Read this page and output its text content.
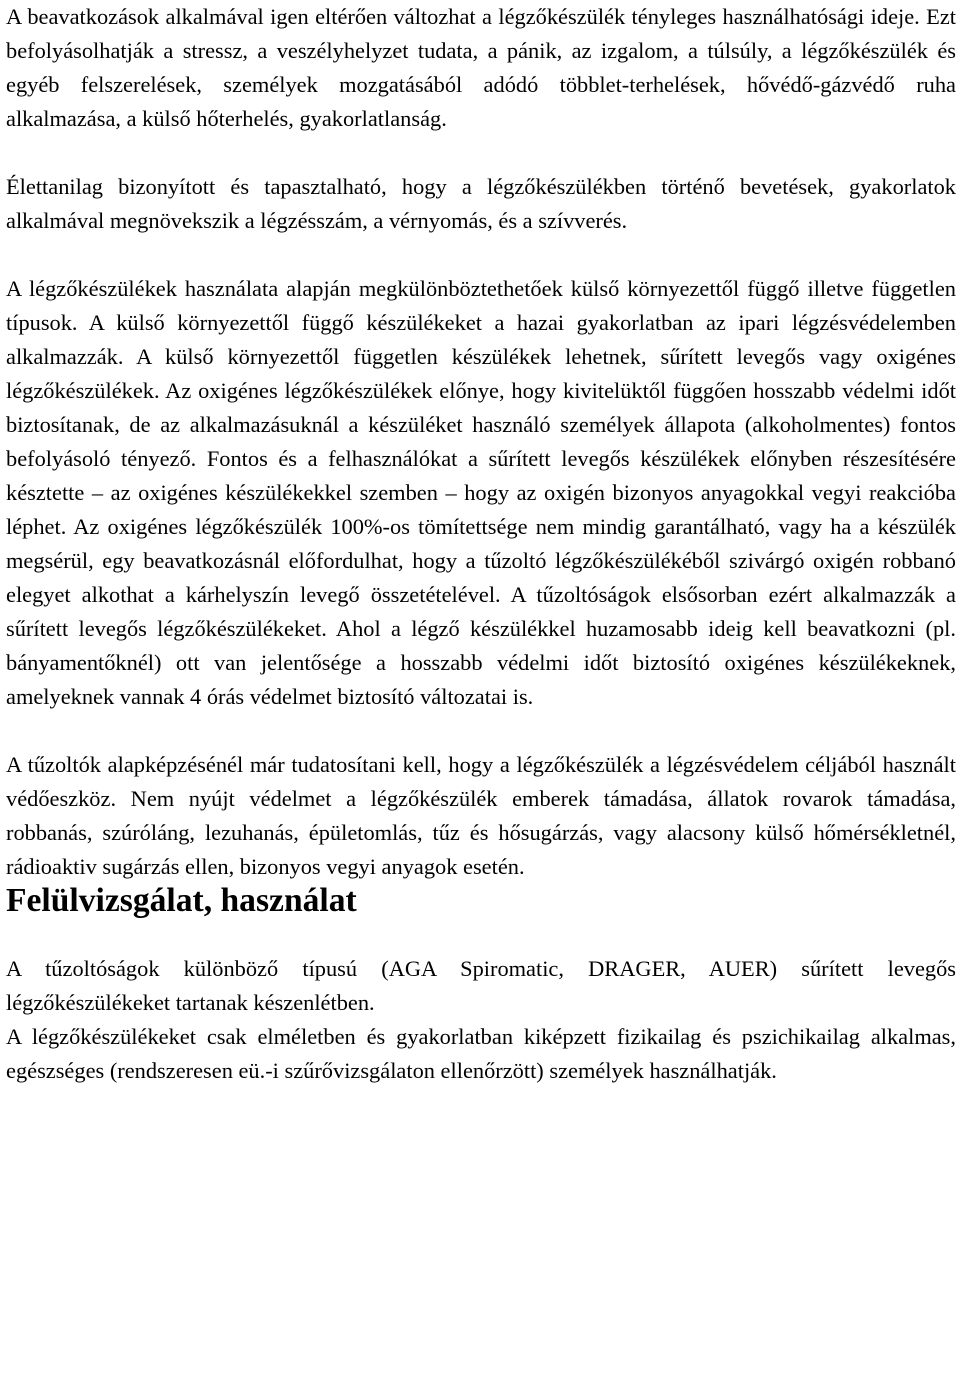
A beavatkozások alkalmával igen eltérően változhat a légzőkészülék tényleges használhatósági ideje. Ezt befolyásolhatják a stressz, a veszélyhelyzet tudata, a pánik, az izgalom, a túlsúly, a légzőkészülék és egyéb felszerelések, személyek mozgatásából adódó többlet-terhelések, hővédő-gázvédő ruha alkalmazása, a külső hőterhelés, gyakorlatlanság.

Élettanilag bizonyított és tapasztalható, hogy a légzőkészülékben történő bevetések, gyakorlatok alkalmával megnövekszik a légzésszám, a vérnyomás, és a szívverés.

A légzőkészülékek használata alapján megkülönböztethetőek külső környezettől függő illetve független típusok. A külső környezettől függő készülékeket a hazai gyakorlatban az ipari légzésvédelemben alkalmazzák. A külső környezettől független készülékek lehetnek, sűrített levegős vagy oxigénes légzőkészülékek. Az oxigénes légzőkészülékek előnye, hogy kivitelüktől függően hosszabb védelmi időt biztosítanak, de az alkalmazásuknál a készüléket használó személyek állapota (alkoholmentes) fontos befolyásoló tényező. Fontos és a felhasználókat a sűrített levegős készülékek előnyben részesítésére késztette – az oxigénes készülékekkel szemben – hogy az oxigén bizonyos anyagokkal vegyi reakcióba léphet. Az oxigénes légzőkészülék 100%-os tömítettsége nem mindig garantálható, vagy ha a készülék megsérül, egy beavatkozásnál előfordulhat, hogy a tűzoltó légzőkészülékéből szivárgó oxigén robbanó elegyet alkothat a kárhelyszín levegő összetételével. A tűzoltóságok elsősorban ezért alkalmazzák a sűrített levegős légzőkészülékeket. Ahol a légző készülékkel huzamosabb ideig kell beavatkozni (pl. bányamentőknél) ott van jelentősége a hosszabb védelmi időt biztosító oxigénes készülékeknek, amelyeknek vannak 4 órás védelmet biztosító változatai is.

A tűzoltók alapképzésénél már tudatosítani kell, hogy a légzőkészülék a légzésvédelem céljából használt védőeszköz. Nem nyújt védelmet a légzőkészülék emberek támadása, állatok rovarok támadása, robbanás, szúróláng, lezuhanás, épületomlás, tűz és hősugárzás, vagy alacsony külső hőmérsékletnél, rádioaktiv sugárzás ellen, bizonyos vegyi anyagok esetén.

Felülvizsgálat, használat

A tűzoltóságok különböző típusú (AGA Spiromatic, DRAGER, AUER) sűrített levegős légzőkészülékeket tartanak készenlétben.

A légzőkészülékeket csak elméletben és gyakorlatban kiképzett fizikailag és pszichikailag alkalmas, egészséges (rendszeresen eü.-i szűrővizsgálaton ellenőrzött) személyek használhatják.
